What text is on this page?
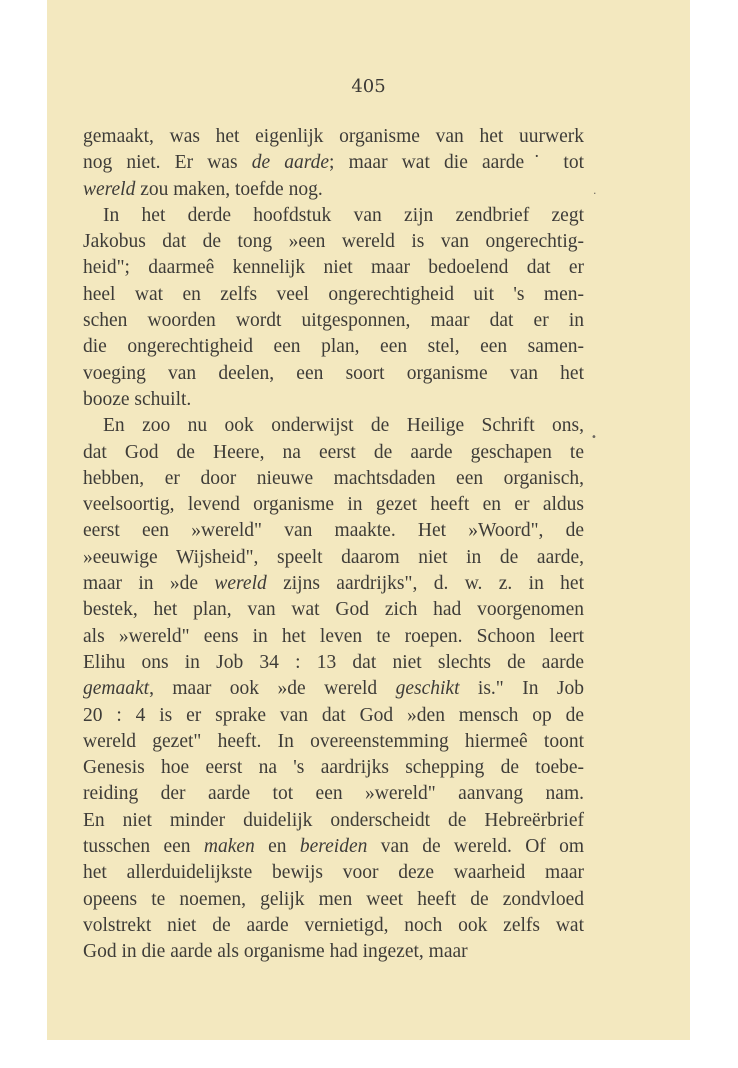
405
gemaakt, was het eigenlijk organisme van het uurwerk
nog niet. Er was de aarde; maar wat die aarde˙ tot
wereld zou maken, toefde nog.
In het derde hoofdstuk van zijn zendbrief zegt
Jakobus dat de tong »een wereld is van ongerechtig-
heid"; daarmeê kennelijk niet maar bedoelend dat er
heel wat en zelfs veel ongerechtigheid uit 's men-
schen woorden wordt uitgesponnen, maar dat er in
die ongerechtigheid een plan, een stel, een samen-
voeging van deelen, een soort organisme van het
booze schuilt.
En zoo nu ook onderwijst de Heilige Schrift ons,
dat God de Heere, na eerst de aarde geschapen te
hebben, er door nieuwe machtsdaden een organisch,
veelsoortig, levend organisme in gezet heeft en er aldus
eerst een »wereld" van maakte. Het »Woord", de
»eeuwige Wijsheid", speelt daarom niet in de aarde,
maar in »de wereld zijns aardrijks", d. w. z. in het
bestek, het plan, van wat God zich had voorgenomen
als »wereld" eens in het leven te roepen. Schoon leert
Elihu ons in Job 34 : 13 dat niet slechts de aarde
gemaakt, maar ook »de wereld geschikt is." In Job
20 : 4 is er sprake van dat God »den mensch op de
wereld gezet" heeft. In overeenstemming hiermeê toont
Genesis hoe eerst na 's aardrijks schepping de toebe-
reiding der aarde tot een »wereld" aanvang nam.
En niet minder duidelijk onderscheidt de Hebreërbrief
tusschen een maken en bereiden van de wereld. Of om
het allerduidelijkste bewijs voor deze waarheid maar
opeens te noemen, gelijk men weet heeft de zondvloed
volstrekt niet de aarde vernietigd, noch ook zelfs wat
God in die aarde als organisme had ingezet, maar
.
•
